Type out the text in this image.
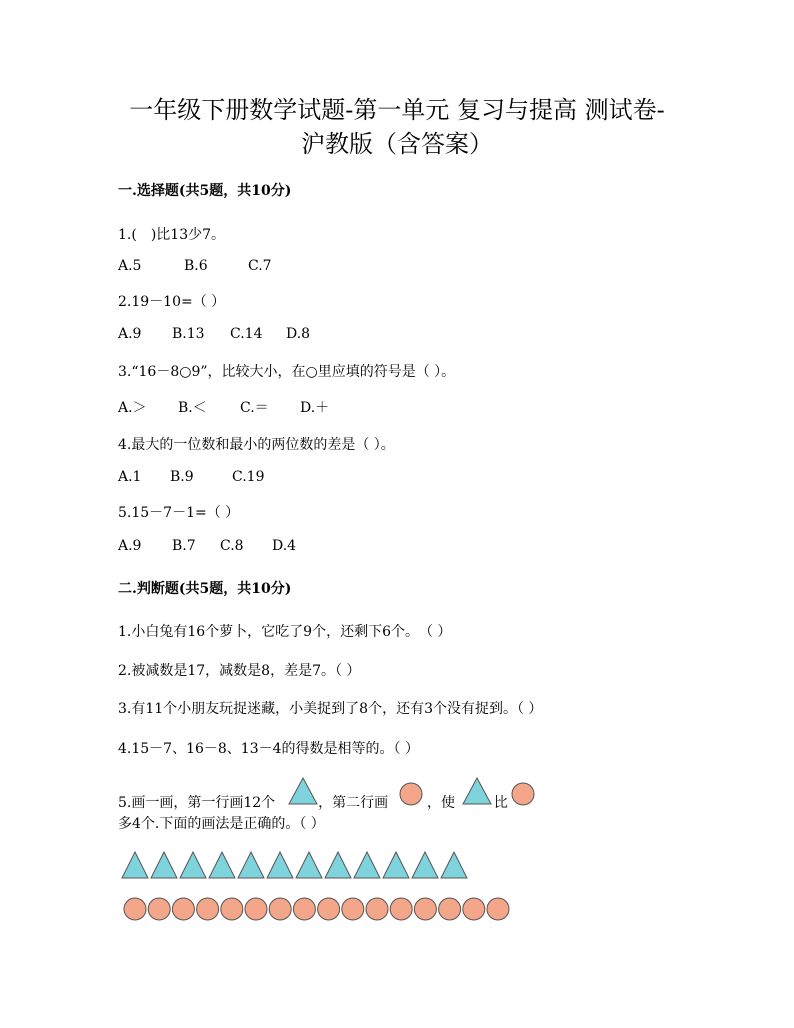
一年级下册数学试题-第一单元 复习与提高 测试卷-
沪教版（含答案）
一.选择题(共5题，共10分)
1.(　)比13少7。
A.5	B.6	C.7
2.19－10=（ ）
A.9 B.13 C.14 D.8
3.“16－8○9”，比较大小，在○里应填的符号是（ ）。
A.＞ B.＜ C.＝ D.＋
4.最大的一位数和最小的两位数的差是（ ）。
A.1 B.9	C.19
5.15－7－1=（ ）
A.9 B.7 C.8 D.4
二.判断题(共5题，共10分)
1.小白兔有16个萝卜，它吃了9个，还剩下6个。　（ ）
2.被减数是17，减数是8，差是7。（ ）
3.有11个小朋友玩捉迷藏，小美捉到了8个，还有3个没有捉到。（ ）
4.15－7、16－8、13－4的得数是相等的。（ ）
5.画一画，第一行画12个	，第二行画	，使	比
多4个.下面的画法是正确的。（ ）
